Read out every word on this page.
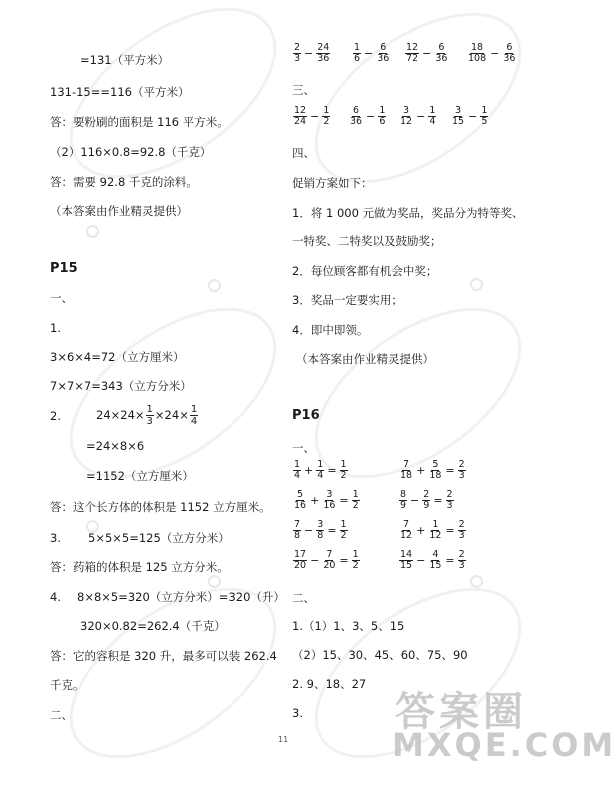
=131（平方米）
131-15==116（平方米）
答：要粉刷的面积是 116 平方米。
（2）116×0.8=92.8（千克）
答：需要 92.8 千克的涂料。
（本答案由作业精灵提供）
P15
一、
1.
3×6×4=72（立方厘米）
7×7×7=343（立方分米）
2.	$24\times 24\times \frac{1}{3} \times 24\times \frac{1}{4}$
=24×8×6
=1152（立方厘米）
答：这个长方体的体积是 1152 立方厘米。
3. 5×5×5=125（立方分米）
答：药箱的体积是 125 立方分米。
4. 8×8×5=320（立方分米）=320（升）
320×0.82=262.4（千克）
答：它的容积是 320 升，最多可以装 262.4
千克。
二、
$\frac{2}{3} - \frac{24}{36} \frac{1}{6} - \frac{6}{36} \frac{12}{72} - \frac{6}{36} \frac{18}{108} - \frac{6}{36}$
三、
$\frac{12}{24} - \frac{1}{2} \frac{6}{36} - \frac{1}{6} \frac{3}{12} - \frac{1}{4} \frac{3}{15} - \frac{1}{5}$
四、
促销方案如下：
1．将 1 000 元做为奖品，奖品分为特等奖、
一特奖、二特奖以及鼓励奖；
2．每位顾客都有机会中奖；
3．奖品一定要实用；
4．即中即领。
（本答案由作业精灵提供）
P16
一、
$\frac{1}{4} + \frac{1}{4} = \frac{1}{2}$
$\frac{5}{16} + \frac{3}{16} = \frac{1}{2}$
$\frac{7}{8} - \frac{3}{8} = \frac{1}{2}$
$\frac{17}{20} - \frac{7}{20} = \frac{1}{2}$
$\frac{7}{18} + \frac{5}{18} = \frac{2}{3}$
$\frac{8}{9} - \frac{2}{9} = \frac{2}{3}$
$\frac{7}{12} + \frac{1}{12} = \frac{2}{3}$
$\frac{14}{15} - \frac{4}{15} = \frac{2}{3}$
二、
1.（1）1、3、5、15
（2）15、30、45、60、75、90
2. 9、18、27
3.
11
答案圈
MXQE.COM
